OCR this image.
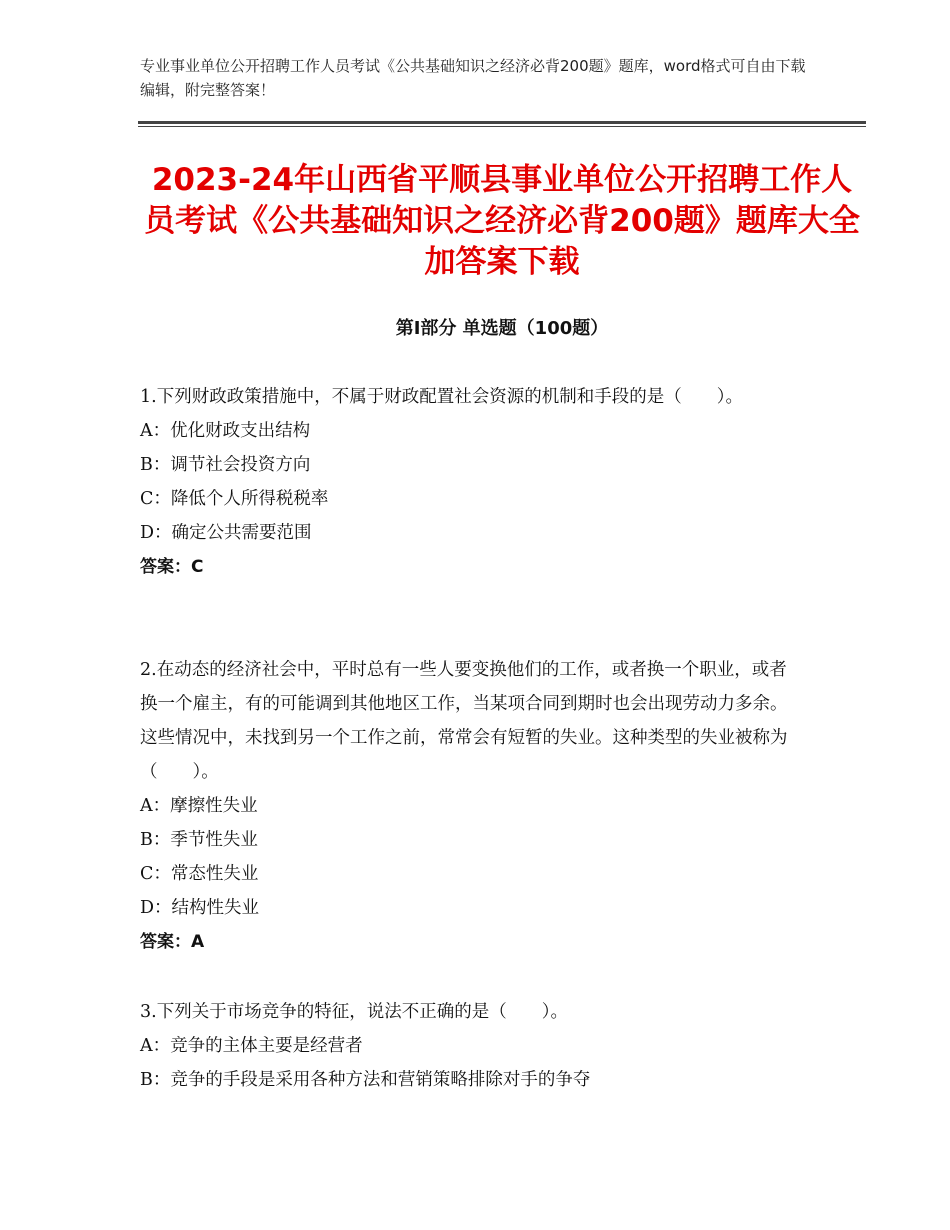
专业事业单位公开招聘工作人员考试《公共基础知识之经济必背200题》题库，word格式可自由下载编辑，附完整答案！
2023-24年山西省平顺县事业单位公开招聘工作人员考试《公共基础知识之经济必背200题》题库大全加答案下载
第Ⅰ部分 单选题（100题）
1.下列财政政策措施中，不属于财政配置社会资源的机制和手段的是（　　）。
A：优化财政支出结构
B：调节社会投资方向
C：降低个人所得税税率
D：确定公共需要范围
答案：C
2.在动态的经济社会中，平时总有一些人要变换他们的工作，或者换一个职业，或者换一个雇主，有的可能调到其他地区工作，当某项合同到期时也会出现劳动力多余。这些情况中，未找到另一个工作之前，常常会有短暂的失业。这种类型的失业被称为（　　）。
A：摩擦性失业
B：季节性失业
C：常态性失业
D：结构性失业
答案：A
3.下列关于市场竞争的特征，说法不正确的是（　　）。
A：竞争的主体主要是经营者
B：竞争的手段是采用各种方法和营销策略排除对手的争夺
